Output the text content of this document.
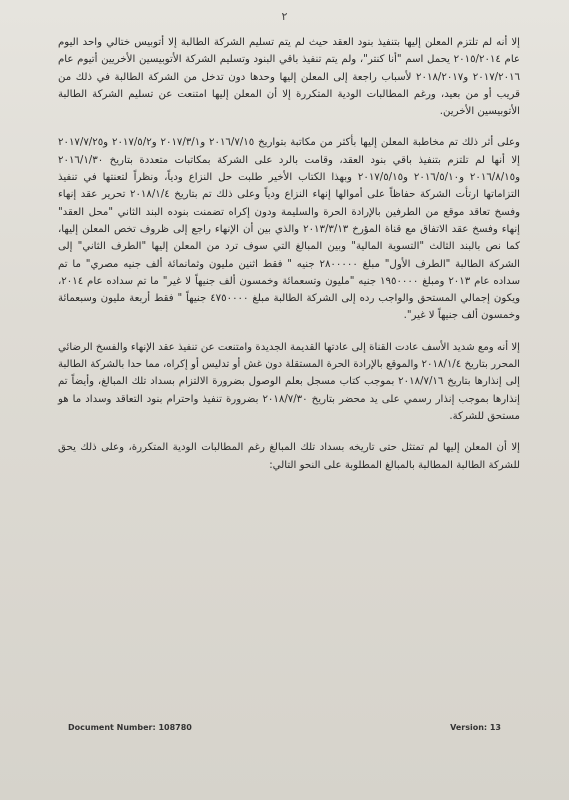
٢

إلا أنه لم تلتزم المعلن إليها بتنفيذ بنود العقد حيث لم يتم تسليم الشركة الطالبة إلا أتوبيس ختالي واحد اليوم عام ٢٠١٥/٢٠١٤ يحمل اسم "أنا كنتر"، ولم يتم تنفيذ باقي البنود وتسليم الشركة الأتوبيسين الأخريين أتيوم عام ٢٠١٧/٢٠١٦ و٢٠١٨/٢٠١٧ لأسباب راجعة إلى المعلن إليها وحدها دون تدخل من الشركة الطالبة في ذلك من قريب أو من بعيد، ورغم المطالبات الودية المتكررة إلا أن المعلن إليها امتنعت عن تسليم الشركة الطالبة الأتوبيسين الأخرين.

وعلى أثر ذلك تم مخاطبة المعلن إليها بأكثر من مكاتبة بتواريخ ٢٠١٦/٧/١٥ و٢٠١٧/٣/١ و٢٠١٧/٥/٢ و٢٠١٧/٧/٢٥ إلا أنها لم تلتزم بتنفيذ باقي بنود العقد، وقامت بالرد على الشركة بمكاتبات متعددة بتاريخ ٢٠١٦/١/٣٠ و٢٠١٦/٨/١٥ و٢٠١٦/٥/١٠ و٢٠١٧/٥/١٥ وبهذا الكتاب الأخير طلبت حل النزاع ودياً، ونظراً لتعنتها في تنفيذ التزاماتها ارتأت الشركة حفاظاً على أموالها إنهاء النزاع ودياً وعلى ذلك تم بتاريخ ٢٠١٨/١/٤ تحرير عقد إنهاء وفسخ تعاقد موقع من الطرفين بالإرادة الحرة والسليمة ودون إكراه تضمنت بنوده البند الثاني "محل العقد" إنهاء وفسخ عقد الاتفاق مع قناة المؤرخ ٢٠١٣/٣/١٣ والذي بين أن الإنهاء راجع إلى ظروف تخص المعلن إليها، كما نص بالبند الثالث "التسوية المالية" وبين المبالغ التي سوف ترد من المعلن إليها "الطرف الثاني" إلى الشركة الطالبة "الطرف الأول" مبلغ ٢٨٠٠٠٠٠ جنيه " فقط اثنين مليون وثمانمائة ألف جنيه مصري" ما تم سداده عام ٢٠١٣ ومبلغ ١٩٥٠٠٠٠ جنيه "مليون وتسعمائة وخمسون ألف جنيهاً لا غير" ما تم سداده عام ٢٠١٤، ويكون إجمالي المستحق والواجب رده إلى الشركة الطالبة مبلغ ٤٧٥٠٠٠٠ جنيهاً " فقط أربعة مليون وسبعمائة وخمسون ألف جنيهاً لا غير".

إلا أنه ومع شديد الأسف عادت القناة إلى عادتها القديمة الجديدة وامتنعت عن تنفيذ عقد الإنهاء والفسخ الرضائي المحرر بتاريخ ٢٠١٨/١/٤ والموقع بالإرادة الحرة المستقلة دون غش أو تدليس أو إكراه، مما حدا بالشركة الطالبة إلى إنذارها بتاريخ ٢٠١٨/٧/١٦ بموجب كتاب مسجل بعلم الوصول بضرورة الالتزام بسداد تلك المبالغ، وأيضاً تم إنذارها بموجب إنذار رسمي على يد محضر بتاريخ ٢٠١٨/٧/٣٠ بضرورة تنفيذ واحترام بنود التعاقد وسداد ما هو مستحق للشركة.

إلا أن المعلن إليها لم تمتثل حتى تاريخه بسداد تلك المبالغ رغم المطالبات الودية المتكررة، وعلى ذلك يحق للشركة الطالبة المطالبة بالمبالغ المطلوبة على النحو التالي:

Document Number: 108780	Version: 13
